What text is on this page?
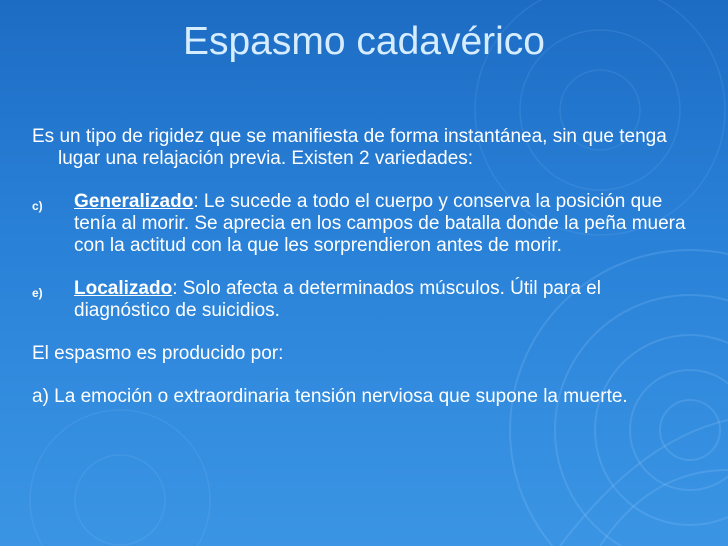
Espasmo cadavérico

Es un tipo de rigidez que se manifiesta de forma instantánea, sin que tenga lugar una relajación previa. Existen 2 variedades:

c) Generalizado: Le sucede a todo el cuerpo y conserva la posición que tenía al morir. Se aprecia en los campos de batalla donde la peña muera con la actitud con la que les sorprendieron antes de morir.
e) Localizado: Solo afecta a determinados músculos. Útil para el diagnóstico de suicidios.

El espasmo es producido por:

a) La emoción o extraordinaria tensión nerviosa que supone la muerte.
